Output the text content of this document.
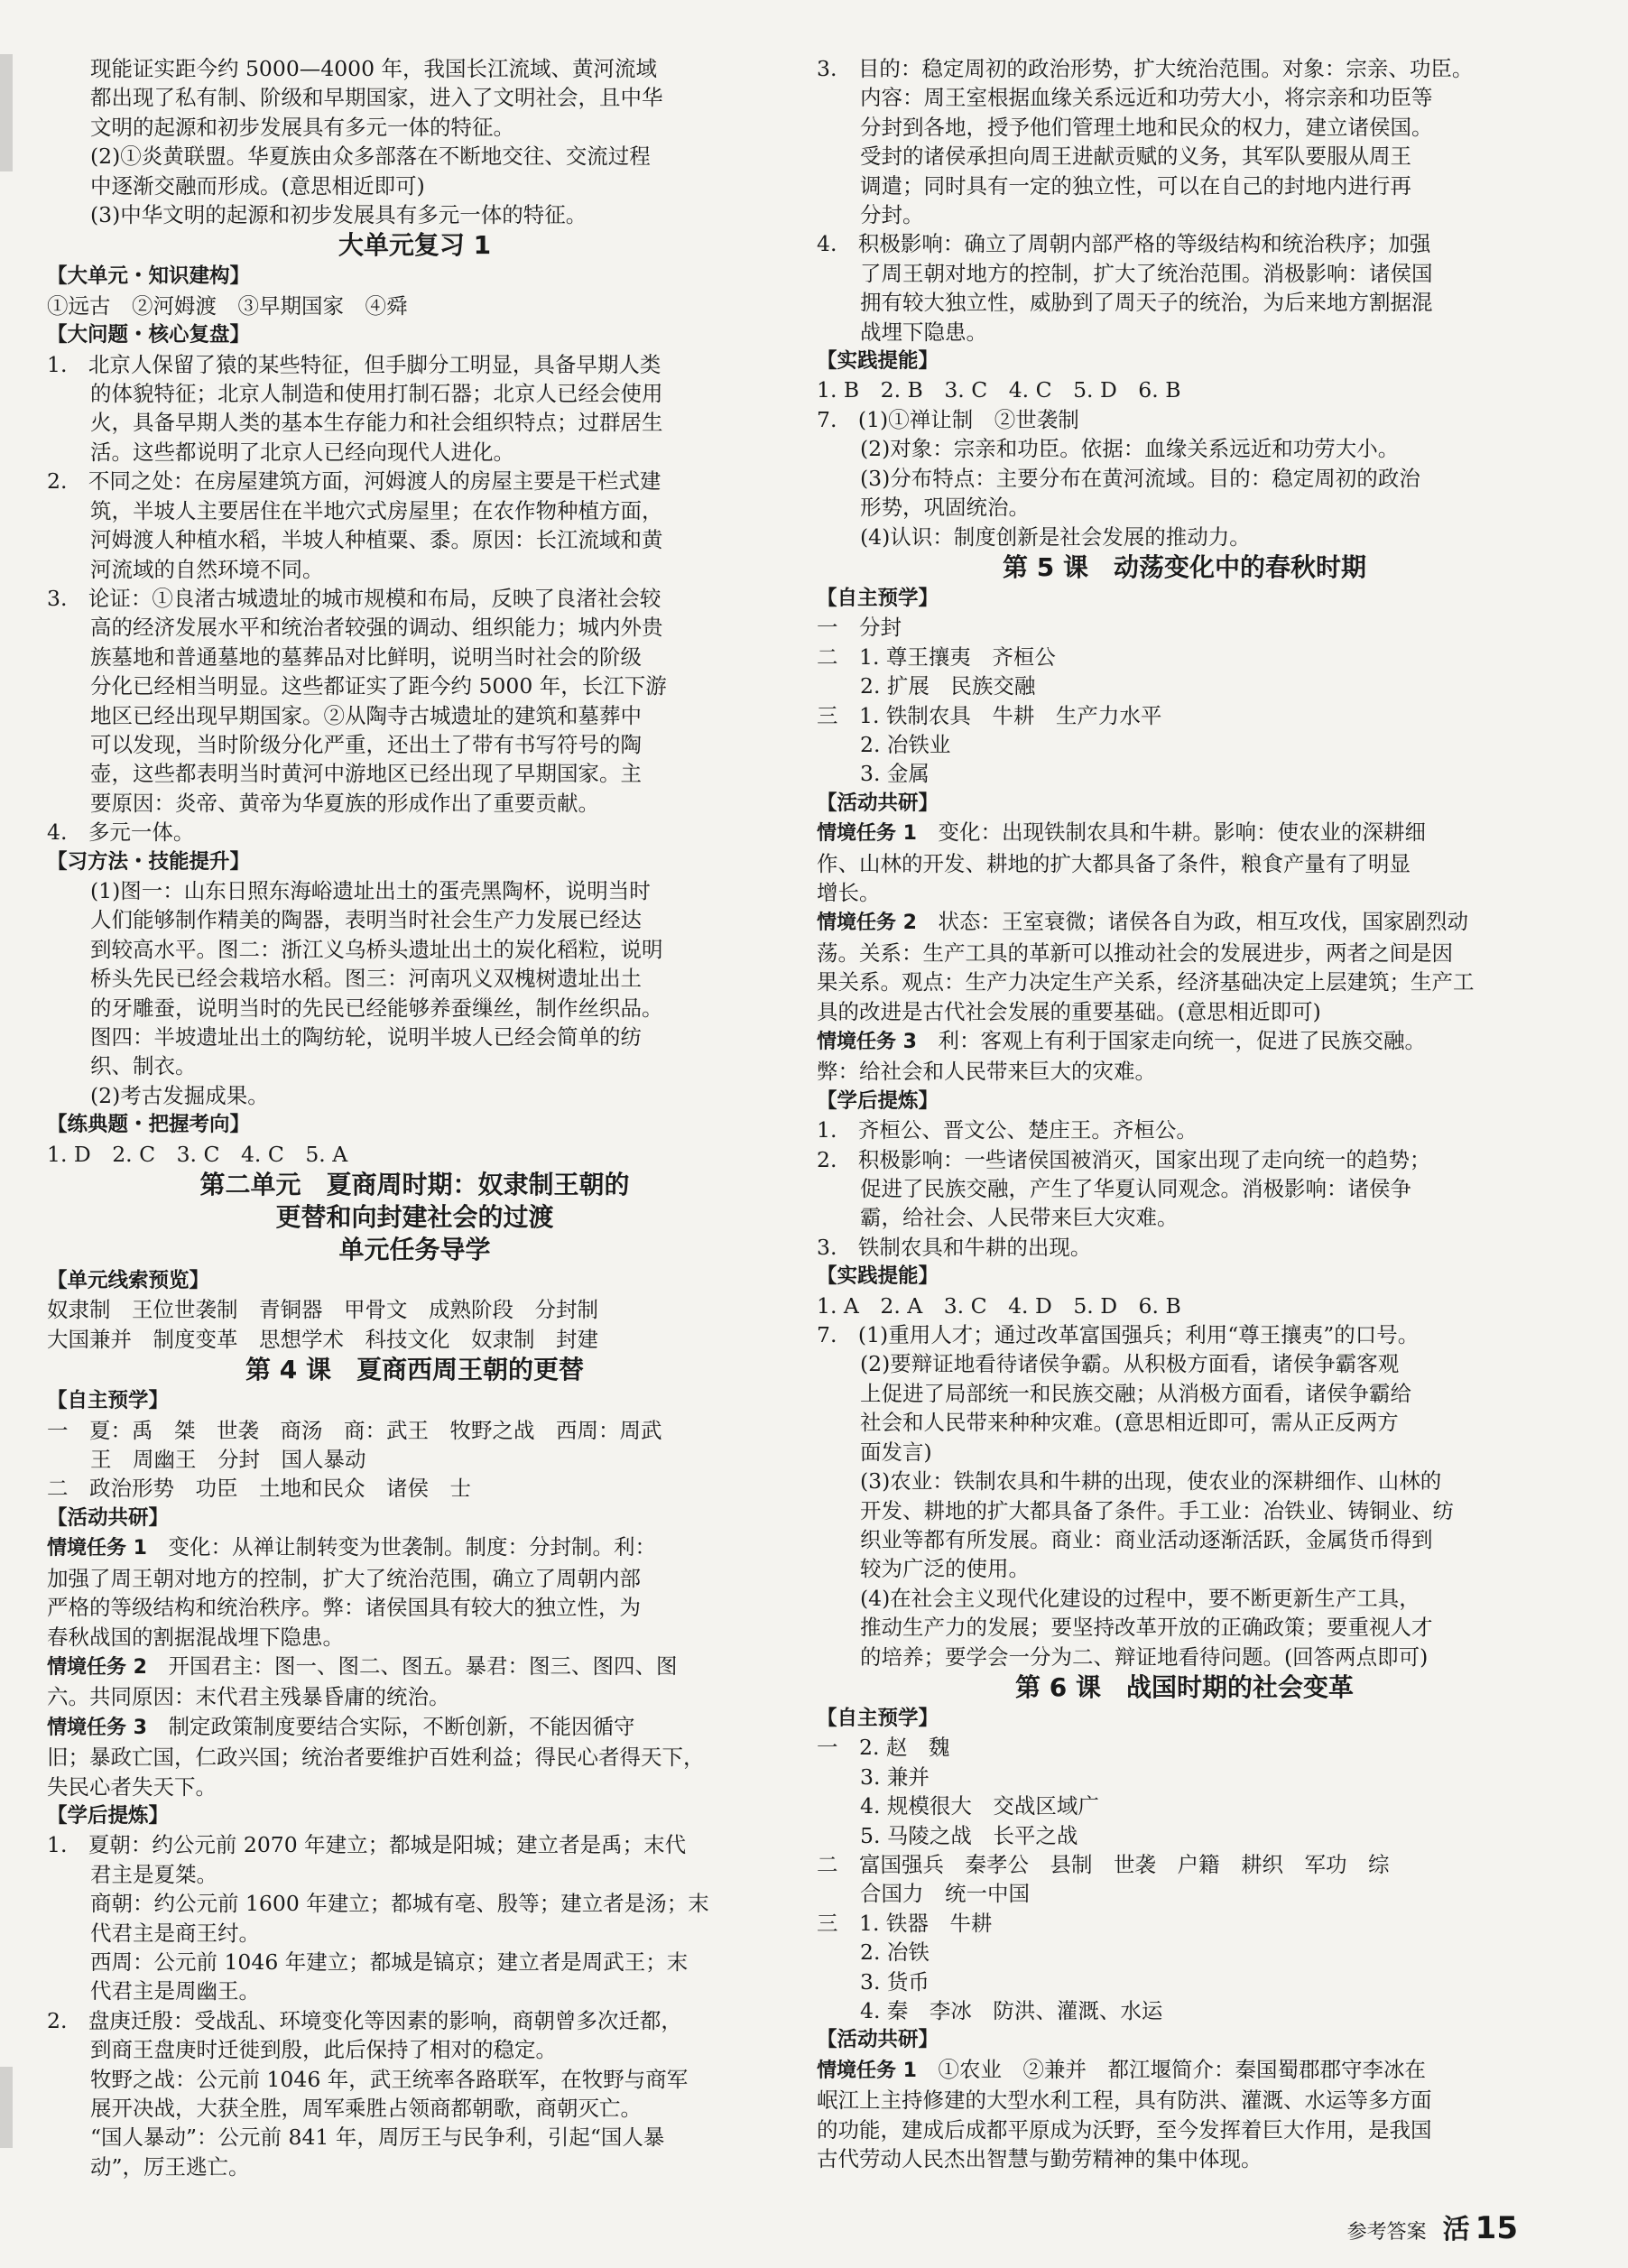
现能证实距今约 5000—4000 年，我国长江流域、黄河流域

都出现了私有制、阶级和早期国家，进入了文明社会，且中华

文明的起源和初步发展具有多元一体的特征。

(2)①炎黄联盟。华夏族由众多部落在不断地交往、交流过程

中逐渐交融而形成。(意思相近即可)

(3)中华文明的起源和初步发展具有多元一体的特征。

大单元复习 1

【大单元・知识建构】

①远古　②河姆渡　③早期国家　④舜

【大问题・核心复盘】

1.　北京人保留了猿的某些特征，但手脚分工明显，具备早期人类

的体貌特征；北京人制造和使用打制石器；北京人已经会使用

火，具备早期人类的基本生存能力和社会组织特点；过群居生

活。这些都说明了北京人已经向现代人进化。

2.　不同之处：在房屋建筑方面，河姆渡人的房屋主要是干栏式建

筑，半坡人主要居住在半地穴式房屋里；在农作物种植方面，

河姆渡人种植水稻，半坡人种植粟、黍。原因：长江流域和黄

河流域的自然环境不同。

3.　论证：①良渚古城遗址的城市规模和布局，反映了良渚社会较

高的经济发展水平和统治者较强的调动、组织能力；城内外贵

族墓地和普通墓地的墓葬品对比鲜明，说明当时社会的阶级

分化已经相当明显。这些都证实了距今约 5000 年，长江下游

地区已经出现早期国家。②从陶寺古城遗址的建筑和墓葬中

可以发现，当时阶级分化严重，还出土了带有书写符号的陶

壶，这些都表明当时黄河中游地区已经出现了早期国家。主

要原因：炎帝、黄帝为华夏族的形成作出了重要贡献。

4.　多元一体。

【习方法・技能提升】

(1)图一：山东日照东海峪遗址出土的蛋壳黑陶杯，说明当时

人们能够制作精美的陶器，表明当时社会生产力发展已经达

到较高水平。图二：浙江义乌桥头遗址出土的炭化稻粒，说明

桥头先民已经会栽培水稻。图三：河南巩义双槐树遗址出土

的牙雕蚕，说明当时的先民已经能够养蚕缫丝，制作丝织品。

图四：半坡遗址出土的陶纺轮，说明半坡人已经会简单的纺

织、制衣。

(2)考古发掘成果。

【练典题・把握考向】

1. D　2. C　3. C　4. C　5. A

第二单元　夏商周时期：奴隶制王朝的

更替和向封建社会的过渡

单元任务导学

【单元线索预览】

奴隶制　王位世袭制　青铜器　甲骨文　成熟阶段　分封制

大国兼并　制度变革　思想学术　科技文化　奴隶制　封建

第 4 课　夏商西周王朝的更替

【自主预学】

一　夏：禹　桀　世袭　商汤　商：武王　牧野之战　西周：周武

王　周幽王　分封　国人暴动

二　政治形势　功臣　土地和民众　诸侯　士

【活动共研】

情境任务 1　变化：从禅让制转变为世袭制。制度：分封制。利：

加强了周王朝对地方的控制，扩大了统治范围，确立了周朝内部

严格的等级结构和统治秩序。弊：诸侯国具有较大的独立性，为

春秋战国的割据混战埋下隐患。

情境任务 2　开国君主：图一、图二、图五。暴君：图三、图四、图

六。共同原因：末代君主残暴昏庸的统治。

情境任务 3　制定政策制度要结合实际，不断创新，不能因循守

旧；暴政亡国，仁政兴国；统治者要维护百姓利益；得民心者得天下，

失民心者失天下。

【学后提炼】

1.　夏朝：约公元前 2070 年建立；都城是阳城；建立者是禹；末代

君主是夏桀。

商朝：约公元前 1600 年建立；都城有亳、殷等；建立者是汤；末

代君主是商王纣。

西周：公元前 1046 年建立；都城是镐京；建立者是周武王；末

代君主是周幽王。

2.　盘庚迁殷：受战乱、环境变化等因素的影响，商朝曾多次迁都，

到商王盘庚时迁徙到殷，此后保持了相对的稳定。

牧野之战：公元前 1046 年，武王统率各路联军，在牧野与商军

展开决战，大获全胜，周军乘胜占领商都朝歌，商朝灭亡。

“国人暴动”：公元前 841 年，周厉王与民争利，引起“国人暴

动”，厉王逃亡。

3.　目的：稳定周初的政治形势，扩大统治范围。对象：宗亲、功臣。

内容：周王室根据血缘关系远近和功劳大小，将宗亲和功臣等

分封到各地，授予他们管理土地和民众的权力，建立诸侯国。

受封的诸侯承担向周王进献贡赋的义务，其军队要服从周王

调遣；同时具有一定的独立性，可以在自己的封地内进行再

分封。

4.　积极影响：确立了周朝内部严格的等级结构和统治秩序；加强

了周王朝对地方的控制，扩大了统治范围。消极影响：诸侯国

拥有较大独立性，威胁到了周天子的统治，为后来地方割据混

战埋下隐患。

【实践提能】

1. B　2. B　3. C　4. C　5. D　6. B

7.　(1)①禅让制　②世袭制

(2)对象：宗亲和功臣。依据：血缘关系远近和功劳大小。

(3)分布特点：主要分布在黄河流域。目的：稳定周初的政治

形势，巩固统治。

(4)认识：制度创新是社会发展的推动力。

第 5 课　动荡变化中的春秋时期

【自主预学】

一　分封

二　1. 尊王攘夷　齐桓公

2. 扩展　民族交融

三　1. 铁制农具　牛耕　生产力水平

2. 冶铁业

3. 金属

【活动共研】

情境任务 1　变化：出现铁制农具和牛耕。影响：使农业的深耕细

作、山林的开发、耕地的扩大都具备了条件，粮食产量有了明显

增长。

情境任务 2　状态：王室衰微；诸侯各自为政，相互攻伐，国家剧烈动

荡。关系：生产工具的革新可以推动社会的发展进步，两者之间是因

果关系。观点：生产力决定生产关系，经济基础决定上层建筑；生产工

具的改进是古代社会发展的重要基础。(意思相近即可)

情境任务 3　利：客观上有利于国家走向统一，促进了民族交融。

弊：给社会和人民带来巨大的灾难。

【学后提炼】

1.　齐桓公、晋文公、楚庄王。齐桓公。

2.　积极影响：一些诸侯国被消灭，国家出现了走向统一的趋势；

促进了民族交融，产生了华夏认同观念。消极影响：诸侯争

霸，给社会、人民带来巨大灾难。

3.　铁制农具和牛耕的出现。

【实践提能】

1. A　2. A　3. C　4. D　5. D　6. B

7.　(1)重用人才；通过改革富国强兵；利用“尊王攘夷”的口号。

(2)要辩证地看待诸侯争霸。从积极方面看，诸侯争霸客观

上促进了局部统一和民族交融；从消极方面看，诸侯争霸给

社会和人民带来种种灾难。(意思相近即可，需从正反两方

面发言)

(3)农业：铁制农具和牛耕的出现，使农业的深耕细作、山林的

开发、耕地的扩大都具备了条件。手工业：冶铁业、铸铜业、纺

织业等都有所发展。商业：商业活动逐渐活跃，金属货币得到

较为广泛的使用。

(4)在社会主义现代化建设的过程中，要不断更新生产工具，

推动生产力的发展；要坚持改革开放的正确政策；要重视人才

的培养；要学会一分为二、辩证地看待问题。(回答两点即可)

第 6 课　战国时期的社会变革

【自主预学】

一　2. 赵　魏

3. 兼并

4. 规模很大　交战区域广

5. 马陵之战　长平之战

二　富国强兵　秦孝公　县制　世袭　户籍　耕织　军功　综

合国力　统一中国

三　1. 铁器　牛耕

2. 冶铁

3. 货币

4. 秦　李冰　防洪、灌溉、水运

【活动共研】

情境任务 1　①农业　②兼并　都江堰简介：秦国蜀郡郡守李冰在

岷江上主持修建的大型水利工程，具有防洪、灌溉、水运等多方面

的功能，建成后成都平原成为沃野，至今发挥着巨大作用，是我国

古代劳动人民杰出智慧与勤劳精神的集中体现。

参考答案 活 15
